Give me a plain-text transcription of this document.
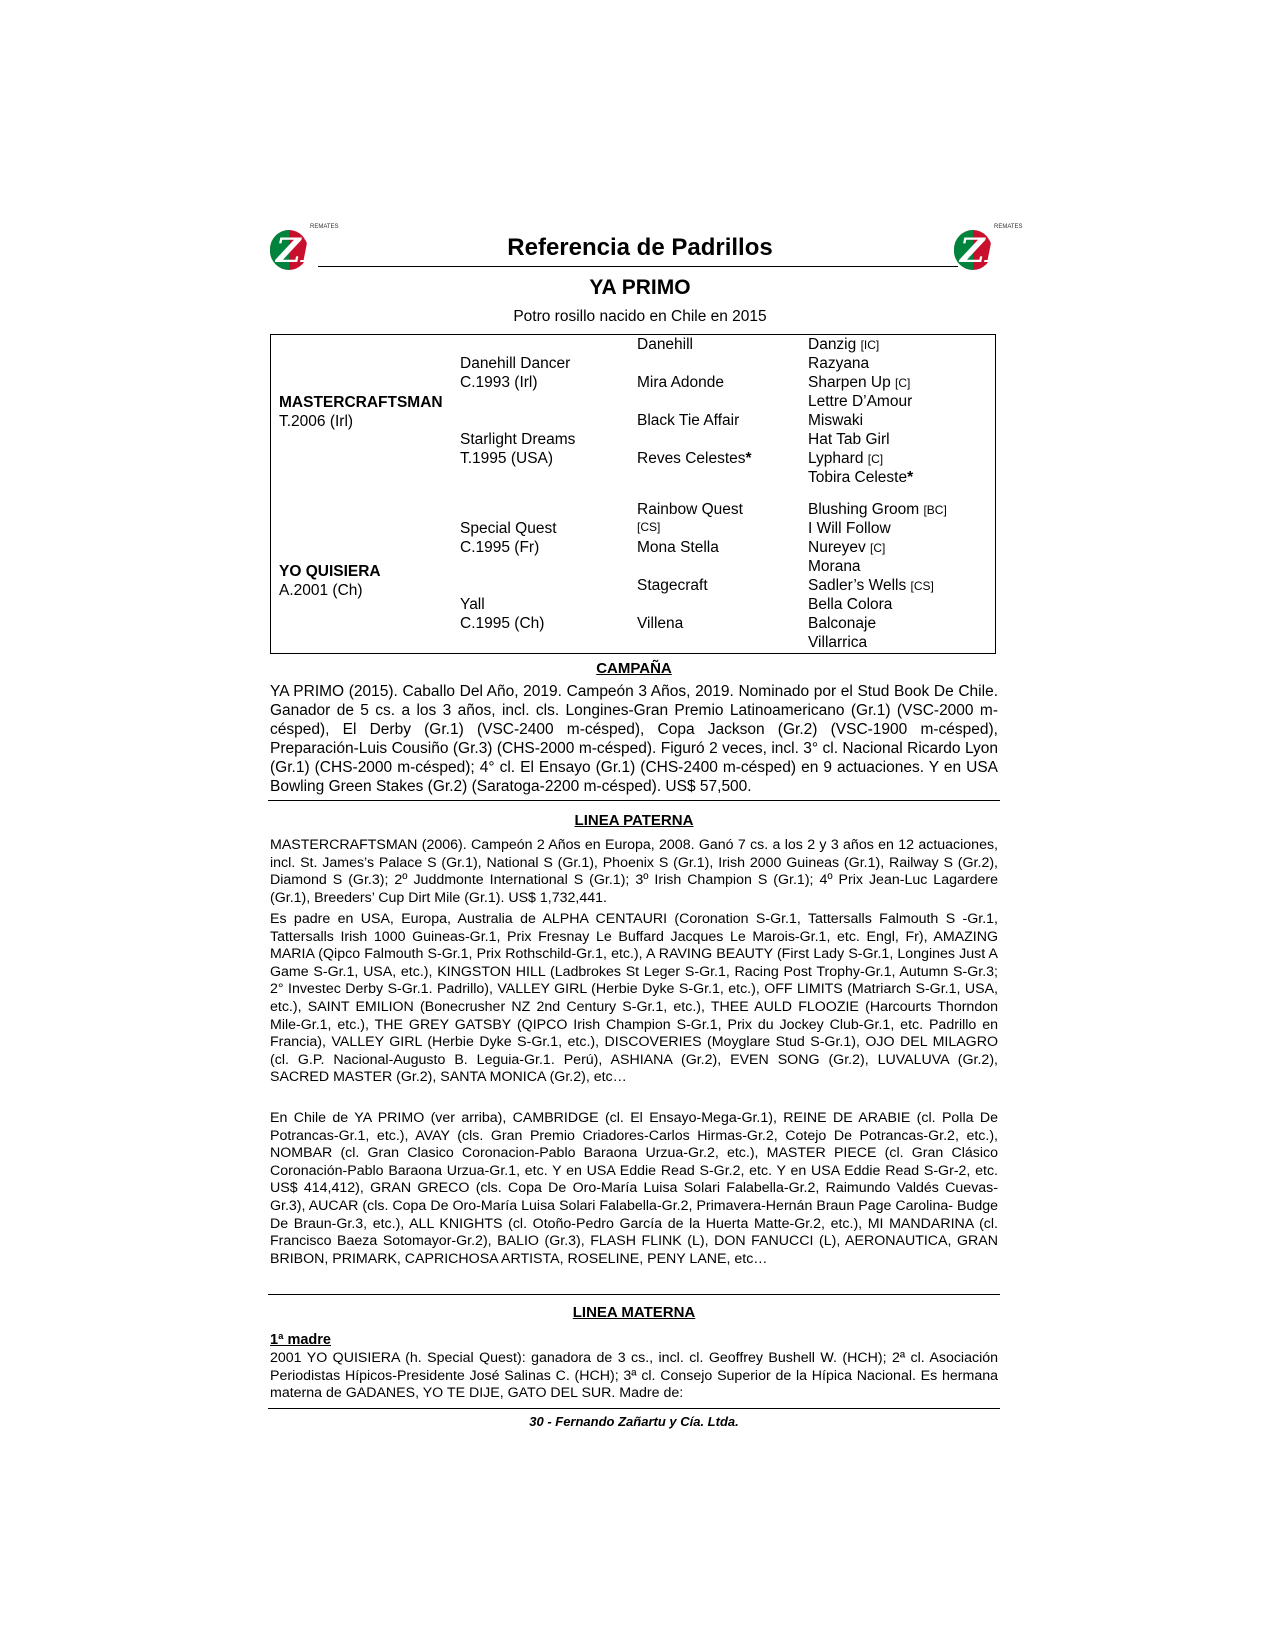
ZL
REMATES
ZL
REMATES
Referencia de Padrillos
YA PRIMO
Potro rosillo nacido en Chile en 2015
MASTERCRAFTSMAN
T.2006 (Irl)
YO QUISIERA
A.2001 (Ch)
Danehill Dancer
C.1993 (Irl)
Starlight Dreams
T.1995 (USA)
Special Quest
C.1995 (Fr)
Yall
C.1995 (Ch)
Danehill
Mira Adonde
Black Tie Affair
Reves Celestes*
Rainbow Quest
[CS]
Mona Stella
Stagecraft
Villena
Danzig [IC]
Razyana
Sharpen Up [C]
Lettre D’Amour
Miswaki
Hat Tab Girl
Lyphard [C]
Tobira Celeste*
Blushing Groom [BC]
I Will Follow
Nureyev [C]
Morana
Sadler’s Wells [CS]
Bella Colora
Balconaje
Villarrica
CAMPAÑA
YA PRIMO (2015). Caballo Del Año, 2019. Campeón 3 Años, 2019. Nominado por el Stud Book De Chile. Ganador de 5 cs. a los 3 años, incl. cls. Longines-Gran Premio Latinoamericano (Gr.1) (VSC-2000 m-césped), El Derby (Gr.1) (VSC-2400 m-césped), Copa Jackson (Gr.2) (VSC-1900 m-césped), Preparación-Luis Cousiño (Gr.3) (CHS-2000 m-césped). Figuró 2 veces, incl. 3° cl. Nacional Ricardo Lyon (Gr.1) (CHS-2000 m-césped); 4° cl. El Ensayo (Gr.1) (CHS-2400 m-césped) en 9 actuaciones. Y en USA Bowling Green Stakes (Gr.2) (Saratoga-2200 m-césped). US$ 57,500.
LINEA PATERNA
MASTERCRAFTSMAN (2006). Campeón 2 Años en Europa, 2008. Ganó 7 cs. a los 2 y 3 años en 12 actuaciones, incl. St. James’s Palace S (Gr.1), National S (Gr.1), Phoenix S (Gr.1), Irish 2000 Guineas (Gr.1), Railway S (Gr.2), Diamond S (Gr.3); 2º Juddmonte International S (Gr.1); 3º Irish Champion S (Gr.1); 4º Prix Jean-Luc Lagardere (Gr.1), Breeders’ Cup Dirt Mile (Gr.1). US$ 1,732,441.
Es padre en USA, Europa, Australia de ALPHA CENTAURI (Coronation S-Gr.1, Tattersalls Falmouth S -Gr.1, Tattersalls Irish 1000 Guineas-Gr.1, Prix Fresnay Le Buffard Jacques Le Marois-Gr.1, etc. Engl, Fr), AMAZING MARIA (Qipco Falmouth S-Gr.1, Prix Rothschild-Gr.1, etc.), A RAVING BEAUTY (First Lady S-Gr.1, Longines Just A Game S-Gr.1, USA, etc.), KINGSTON HILL (Ladbrokes St Leger S-Gr.1, Racing Post Trophy-Gr.1, Autumn S-Gr.3; 2° Investec Derby S-Gr.1. Padrillo), VALLEY GIRL (Herbie Dyke S-Gr.1, etc.), OFF LIMITS (Matriarch S-Gr.1, USA, etc.), SAINT EMILION (Bonecrusher NZ 2nd Century S-Gr.1, etc.), THEE AULD FLOOZIE (Harcourts Thorndon Mile-Gr.1, etc.), THE GREY GATSBY (QIPCO Irish Champion S-Gr.1, Prix du Jockey Club-Gr.1, etc. Padrillo en Francia), VALLEY GIRL (Herbie Dyke S-Gr.1, etc.), DISCOVERIES (Moyglare Stud S-Gr.1), OJO DEL MILAGRO (cl. G.P. Nacional-Augusto B. Leguia-Gr.1. Perú), ASHIANA (Gr.2), EVEN SONG (Gr.2), LUVALUVA (Gr.2), SACRED MASTER (Gr.2), SANTA MONICA (Gr.2), etc…
En Chile de YA PRIMO (ver arriba), CAMBRIDGE (cl. El Ensayo-Mega-Gr.1), REINE DE ARABIE (cl. Polla De Potrancas-Gr.1, etc.), AVAY (cls. Gran Premio Criadores-Carlos Hirmas-Gr.2, Cotejo De Potrancas-Gr.2, etc.), NOMBAR (cl. Gran Clasico Coronacion-Pablo Baraona Urzua-Gr.2, etc.), MASTER PIECE (cl. Gran Clásico Coronación-Pablo Baraona Urzua-Gr.1, etc. Y en USA Eddie Read S-Gr.2, etc. Y en USA Eddie Read S-Gr-2, etc. US$ 414,412), GRAN GRECO (cls. Copa De Oro-María Luisa Solari Falabella-Gr.2, Raimundo Valdés Cuevas-Gr.3), AUCAR (cls. Copa De Oro-María Luisa Solari Falabella-Gr.2, Primavera-Hernán Braun Page Carolina- Budge De Braun-Gr.3, etc.), ALL KNIGHTS (cl. Otoño-Pedro García de la Huerta Matte-Gr.2, etc.), MI MANDARINA (cl. Francisco Baeza Sotomayor-Gr.2), BALIO (Gr.3), FLASH FLINK (L), DON FANUCCI (L), AERONAUTICA, GRAN BRIBON, PRIMARK, CAPRICHOSA ARTISTA, ROSELINE, PENY LANE, etc…
LINEA MATERNA
1ª madre
2001 YO QUISIERA (h. Special Quest): ganadora de 3 cs., incl. cl. Geoffrey Bushell W. (HCH); 2ª cl. Asociación Periodistas Hípicos-Presidente José Salinas C. (HCH); 3ª cl. Consejo Superior de la Hípica Nacional. Es hermana materna de GADANES, YO TE DIJE, GATO DEL SUR. Madre de:
30 - Fernando Zañartu y Cía. Ltda.
